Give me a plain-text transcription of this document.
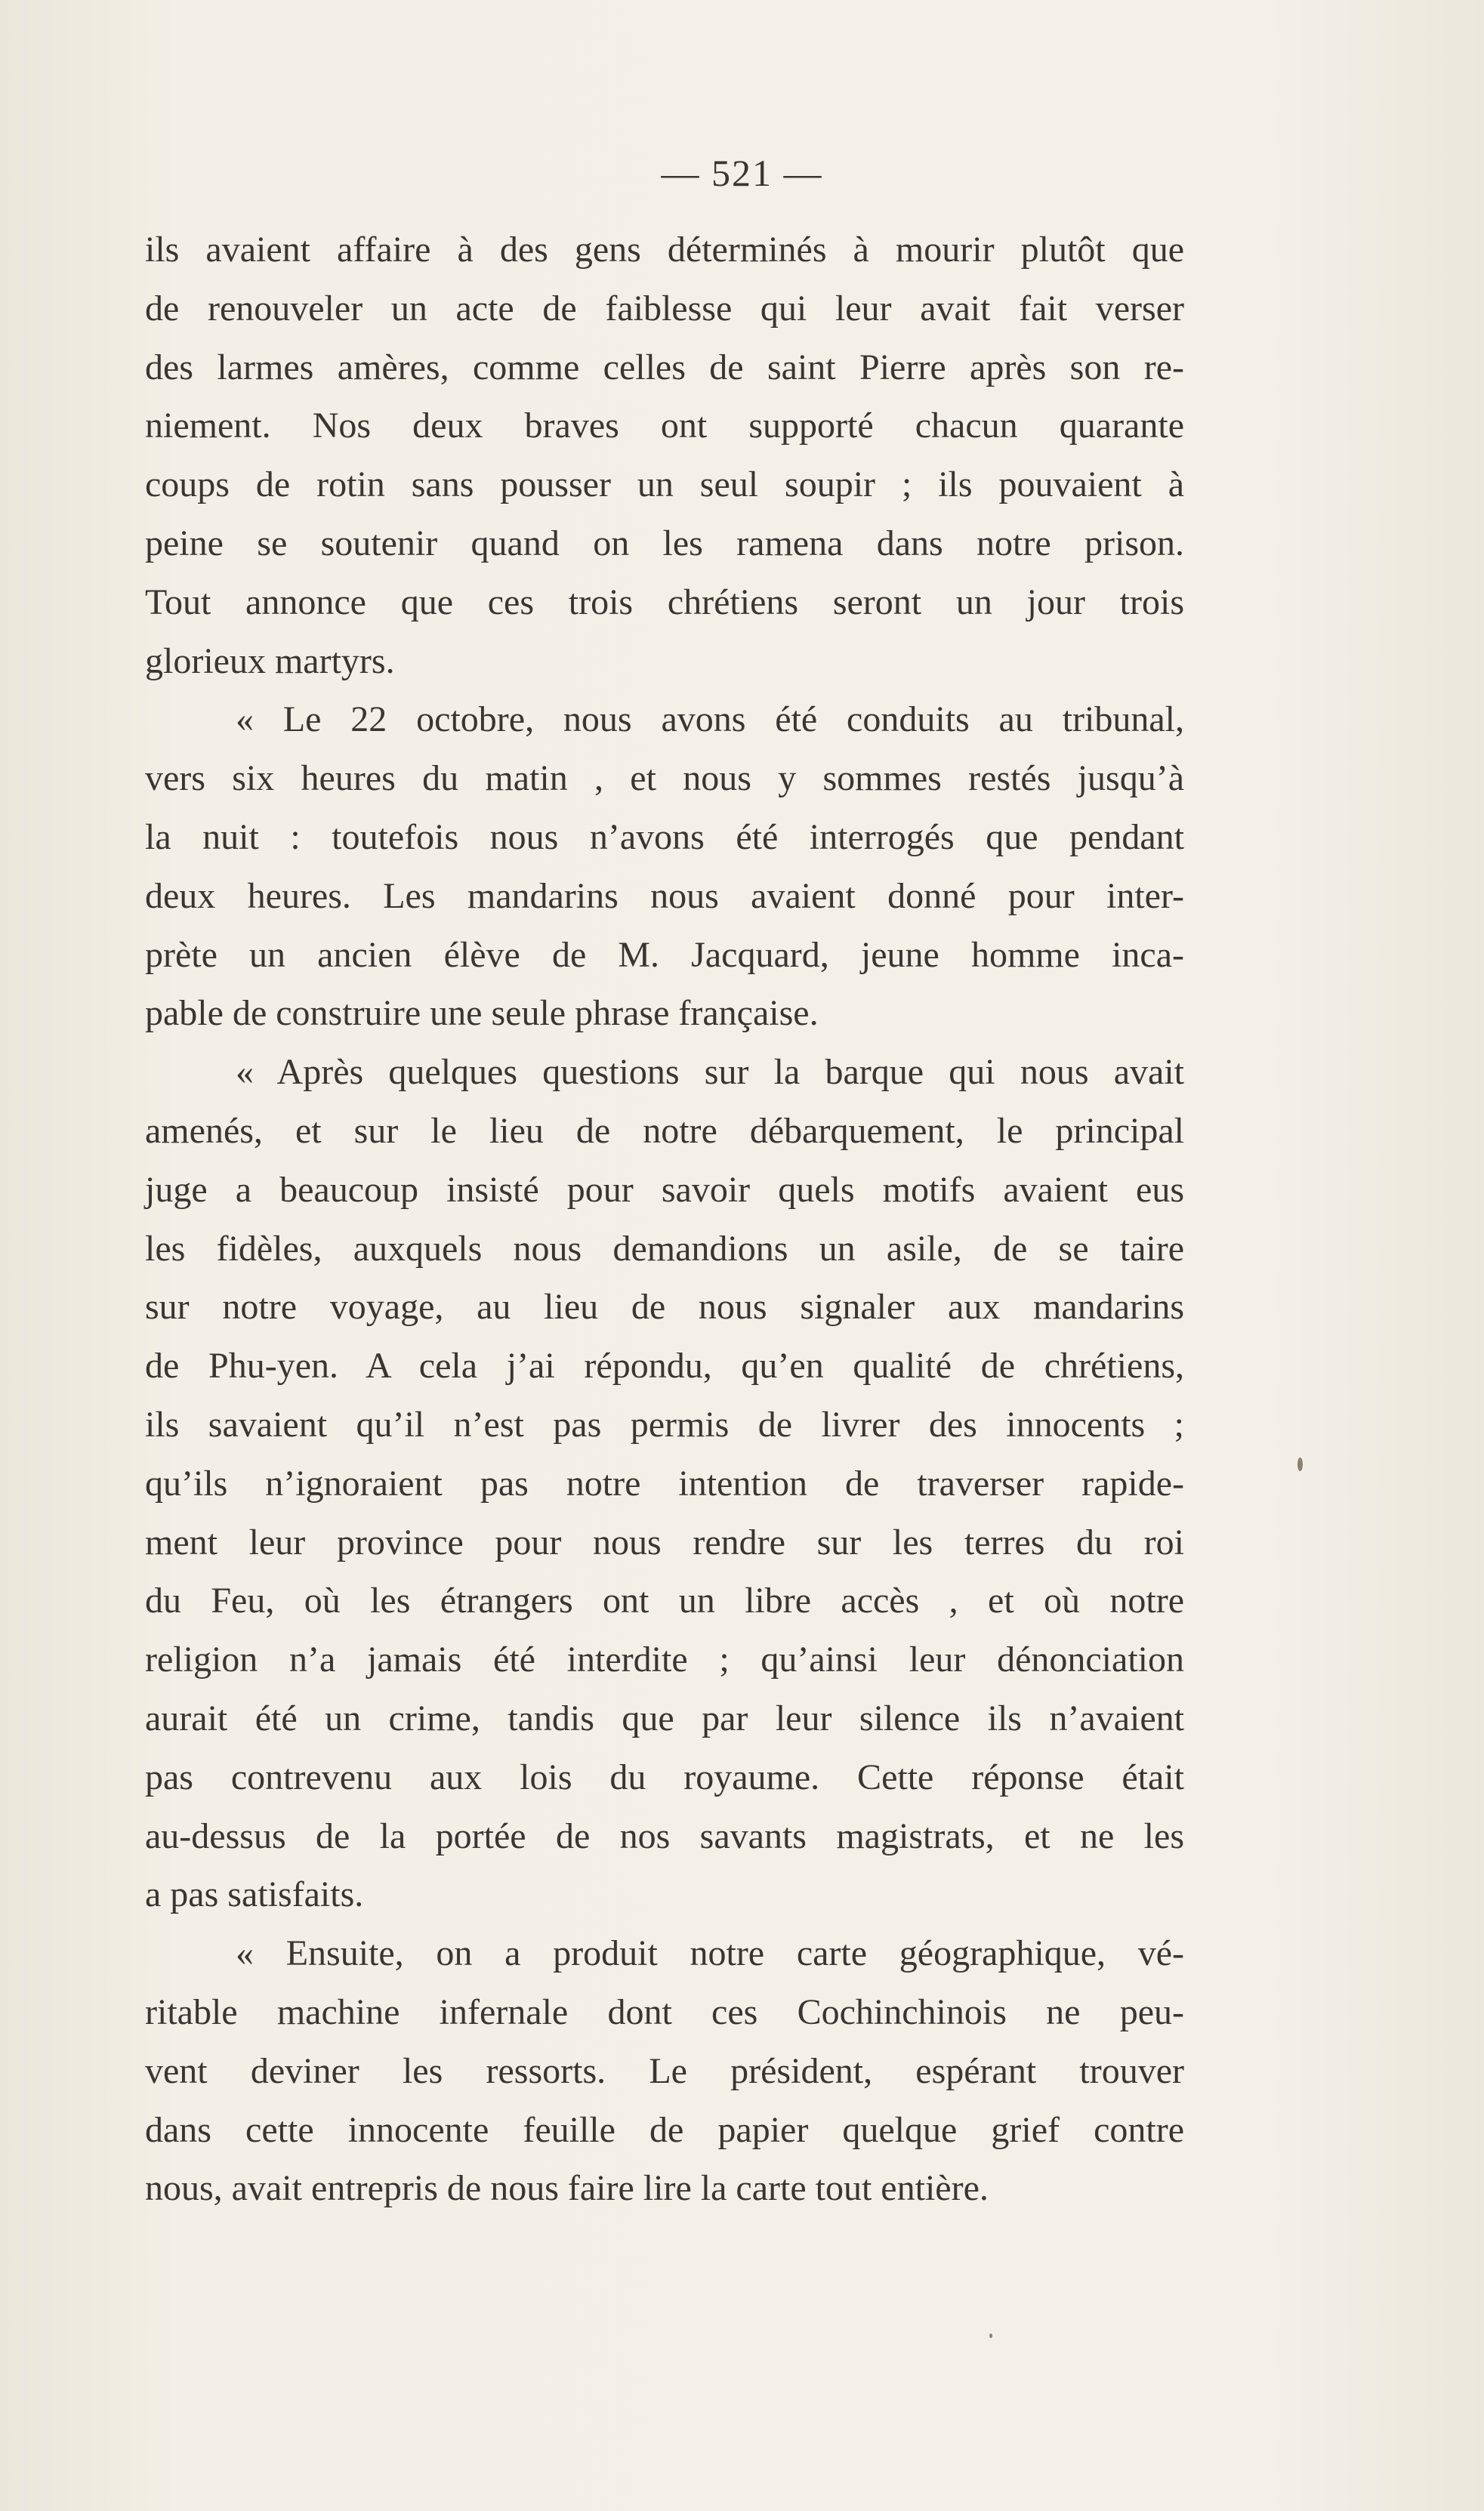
— 521 —
ils avaient affaire à des gens déterminés à mourir plutôt que
de renouveler un acte de faiblesse qui leur avait fait verser
des larmes amères, comme celles de saint Pierre après son re-
niement. Nos deux braves ont supporté chacun quarante
coups de rotin sans pousser un seul soupir ; ils pouvaient à
peine se soutenir quand on les ramena dans notre prison.
Tout annonce que ces trois chrétiens seront un jour trois
glorieux martyrs.
« Le 22 octobre, nous avons été conduits au tribunal,
vers six heures du matin , et nous y sommes restés jusqu’à
la nuit : toutefois nous n’avons été interrogés que pendant
deux heures. Les mandarins nous avaient donné pour inter-
prète un ancien élève de M. Jacquard, jeune homme inca-
pable de construire une seule phrase française.
« Après quelques questions sur la barque qui nous avait
amenés, et sur le lieu de notre débarquement, le principal
juge a beaucoup insisté pour savoir quels motifs avaient eus
les fidèles, auxquels nous demandions un asile, de se taire
sur notre voyage, au lieu de nous signaler aux mandarins
de Phu-yen. A cela j’ai répondu, qu’en qualité de chrétiens,
ils savaient qu’il n’est pas permis de livrer des innocents ;
qu’ils n’ignoraient pas notre intention de traverser rapide-
ment leur province pour nous rendre sur les terres du roi
du Feu, où les étrangers ont un libre accès , et où notre
religion n’a jamais été interdite ; qu’ainsi leur dénonciation
aurait été un crime, tandis que par leur silence ils n’avaient
pas contrevenu aux lois du royaume. Cette réponse était
au-dessus de la portée de nos savants magistrats, et ne les
a pas satisfaits.
« Ensuite, on a produit notre carte géographique, vé-
ritable machine infernale dont ces Cochinchinois ne peu-
vent deviner les ressorts. Le président, espérant trouver
dans cette innocente feuille de papier quelque grief contre
nous, avait entrepris de nous faire lire la carte tout entière.
